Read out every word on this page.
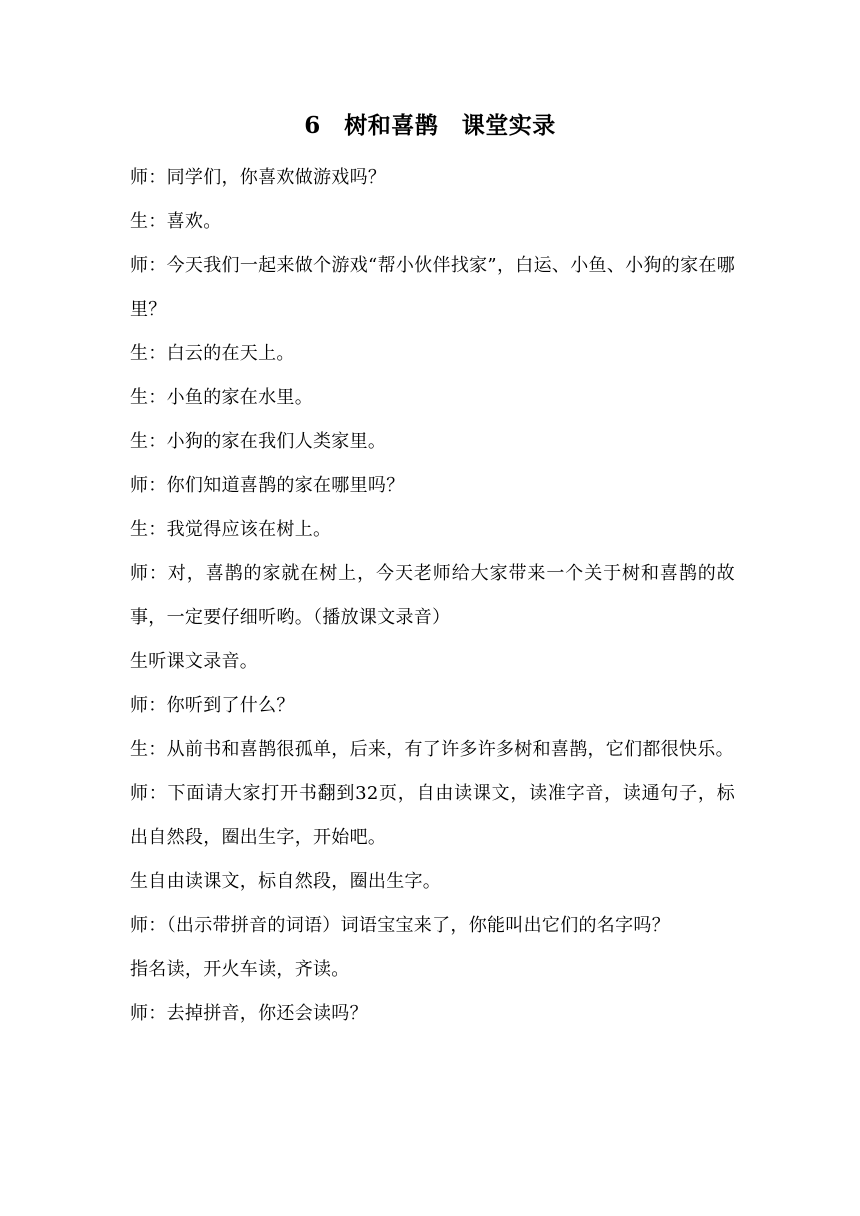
6　树和喜鹊　课堂实录

师：同学们，你喜欢做游戏吗？

生：喜欢。

师：今天我们一起来做个游戏“帮小伙伴找家”，白运、小鱼、小狗的家在哪里？

生：白云的在天上。

生：小鱼的家在水里。

生：小狗的家在我们人类家里。

师：你们知道喜鹊的家在哪里吗？

生：我觉得应该在树上。

师：对，喜鹊的家就在树上，今天老师给大家带来一个关于树和喜鹊的故事，一定要仔细听哟。（播放课文录音）

生听课文录音。

师：你听到了什么？

生：从前书和喜鹊很孤单，后来，有了许多许多树和喜鹊，它们都很快乐。

师：下面请大家打开书翻到32页，自由读课文，读准字音，读通句子，标出自然段，圈出生字，开始吧。

生自由读课文，标自然段，圈出生字。

师：（出示带拼音的词语）词语宝宝来了，你能叫出它们的名字吗？

指名读，开火车读，齐读。

师：去掉拼音，你还会读吗？
